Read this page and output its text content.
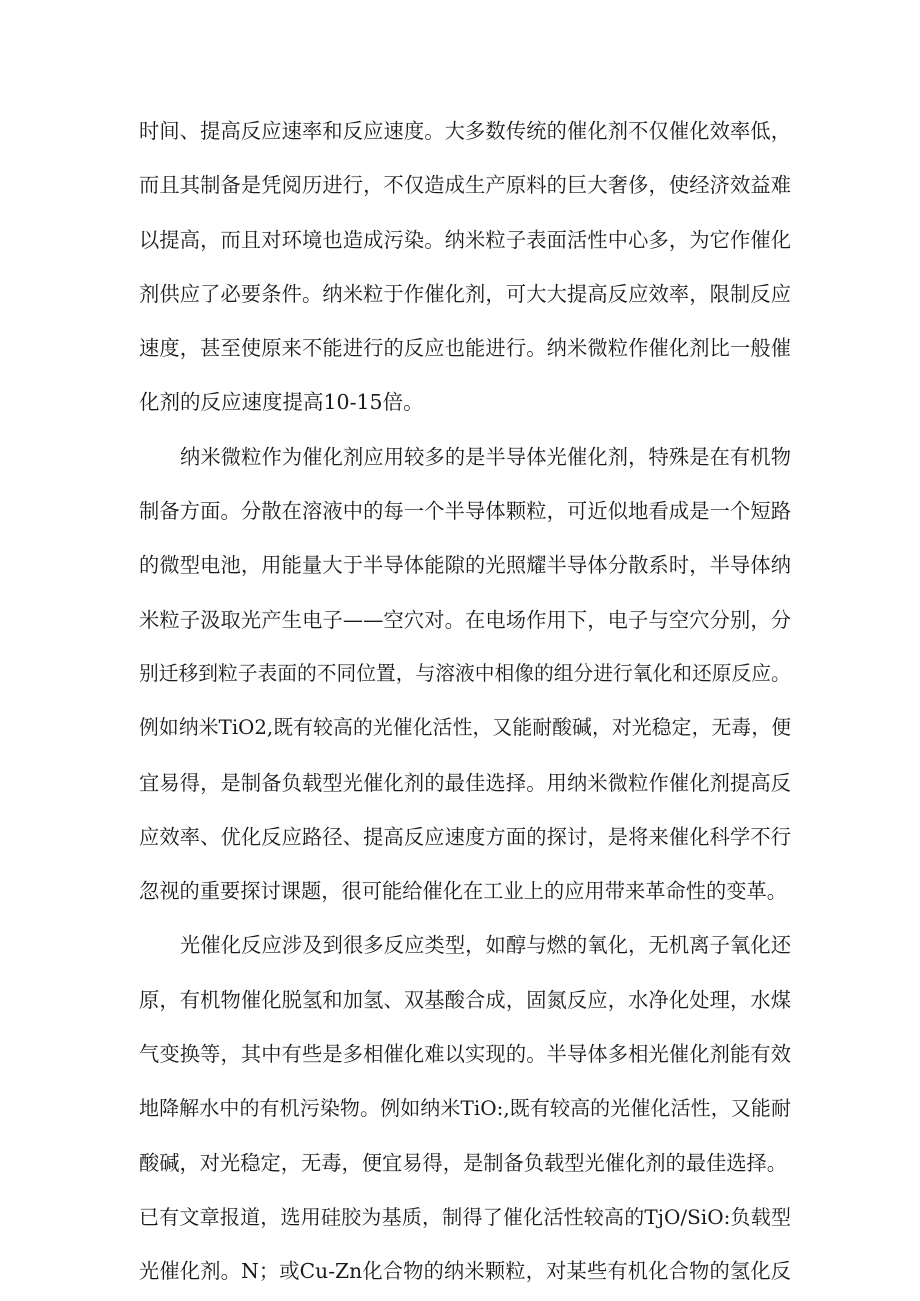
时间、提高反应速率和反应速度。大多数传统的催化剂不仅催化效率低，
而且其制备是凭阅历进行，不仅造成生产原料的巨大奢侈，使经济效益难
以提高，而且对环境也造成污染。纳米粒子表面活性中心多，为它作催化
剂供应了必要条件。纳米粒于作催化剂，可大大提高反应效率，限制反应
速度，甚至使原来不能进行的反应也能进行。纳米微粒作催化剂比一般催
化剂的反应速度提高10-15倍。
纳米微粒作为催化剂应用较多的是半导体光催化剂，特殊是在有机物
制备方面。分散在溶液中的每一个半导体颗粒，可近似地看成是一个短路
的微型电池，用能量大于半导体能隙的光照耀半导体分散系时，半导体纳
米粒子汲取光产生电子——空穴对。在电场作用下，电子与空穴分别，分
别迁移到粒子表面的不同位置，与溶液中相像的组分进行氧化和还原反应。
例如纳米TiO2,既有较高的光催化活性，又能耐酸碱，对光稳定，无毒，便
宜易得，是制备负载型光催化剂的最佳选择。用纳米微粒作催化剂提高反
应效率、优化反应路径、提高反应速度方面的探讨，是将来催化科学不行
忽视的重要探讨课题，很可能给催化在工业上的应用带来革命性的变革。
光催化反应涉及到很多反应类型，如醇与燃的氧化，无机离子氧化还
原，有机物催化脱氢和加氢、双基酸合成，固氮反应，水净化处理，水煤
气变换等，其中有些是多相催化难以实现的。半导体多相光催化剂能有效
地降解水中的有机污染物。例如纳米TiO:,既有较高的光催化活性，又能耐
酸碱，对光稳定，无毒，便宜易得，是制备负载型光催化剂的最佳选择。
已有文章报道，选用硅胶为基质，制得了催化活性较高的TjO/SiO:负载型
光催化剂。N；或Cu-Zn化合物的纳米颗粒，对某些有机化合物的氢化反
